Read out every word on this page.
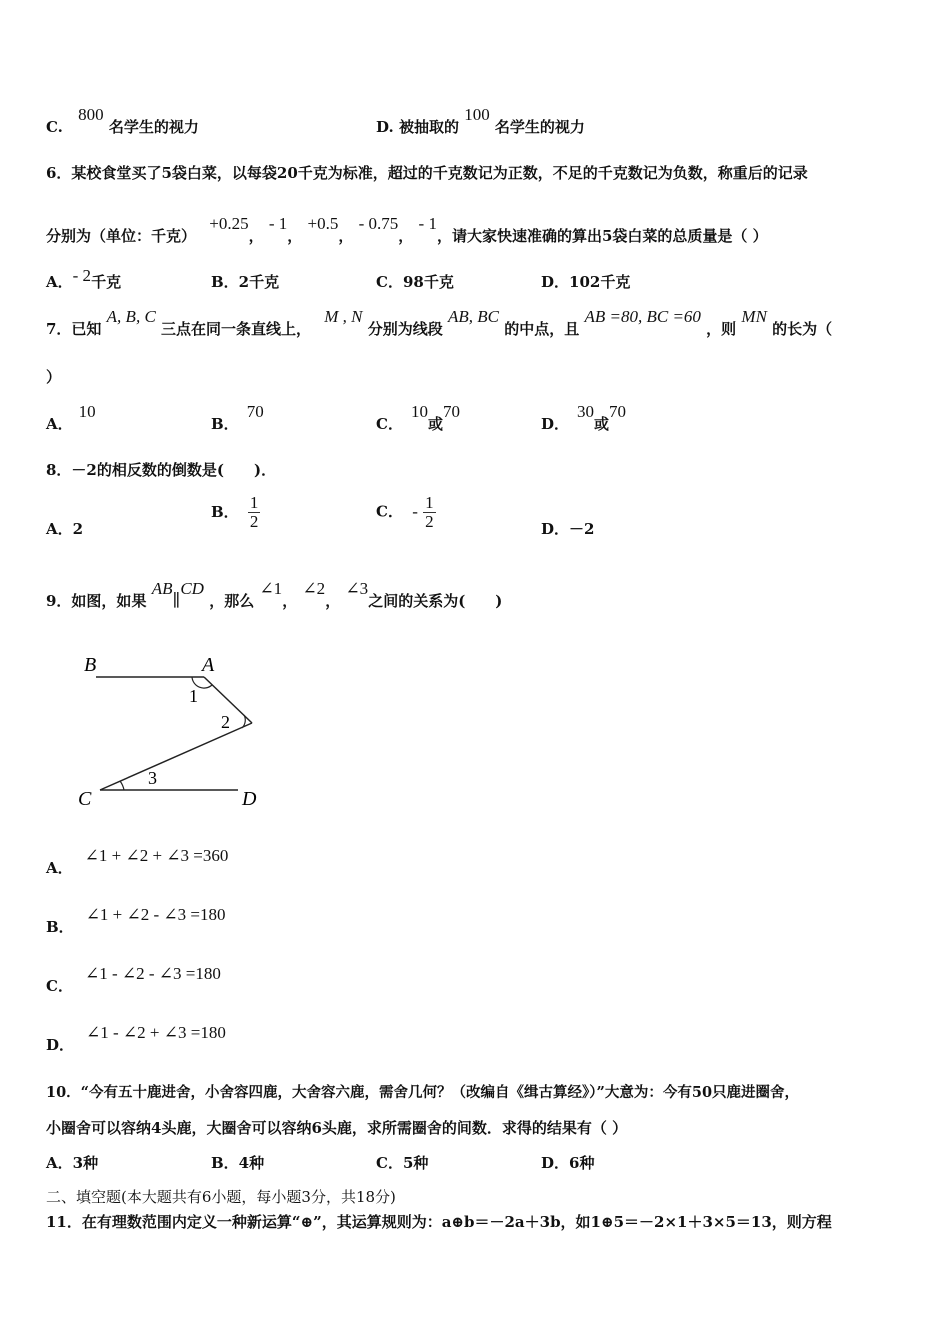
C. 800 名学生的视力	D. 被抽取的 100 名学生的视力
6．某校食堂买了5袋白菜，以每袋20千克为标准，超过的千克数记为正数，不足的千克数记为负数，称重后的记录
分别为（单位：千克） +0.25， - 1， +0.5， - 0.75， - 1，请大家快速准确的算出5袋白菜的总质量是（ ）
A．- 2千克	B．2千克	C．98千克	D．102千克
7．已知 A, B, C 三点在同一条直线上， M , N 分别为线段 AB, BC 的中点，且 AB =80, BC =60 ，则 MN 的长为（
）
A．10
B．70
C．10或70
D．30或70
8．－2的相反数的倒数是(　　)．
A．2
B． $\frac{1}{2}$	C． - $\frac{1}{2}$	D．－2
9．如图，如果 AB∥CD ，那么 ∠1， ∠2， ∠3之间的关系为(　　)
B	A
C	D
1
2
3
A．∠1 + ∠2 + ∠3 =360
B．∠1 + ∠2 - ∠3 =180
C．∠1 - ∠2 - ∠3 =180
D．∠1 - ∠2 + ∠3 =180
10．“今有五十鹿进舍，小舍容四鹿，大舍容六鹿，需舍几何？（改编自《缉古算经》）”大意为：今有50只鹿进圈舍，
小圈舍可以容纳4头鹿，大圈舍可以容纳6头鹿，求所需圈舍的间数．求得的结果有（ ）
A．3种	B．4种	C．5种	D．6种
二、填空题(本大题共有6小题，每小题3分，共18分)
11．在有理数范围内定义一种新运算“⊕”，其运算规则为：a⊕b＝－2a＋3b，如1⊕5＝－2×1＋3×5＝13，则方程
